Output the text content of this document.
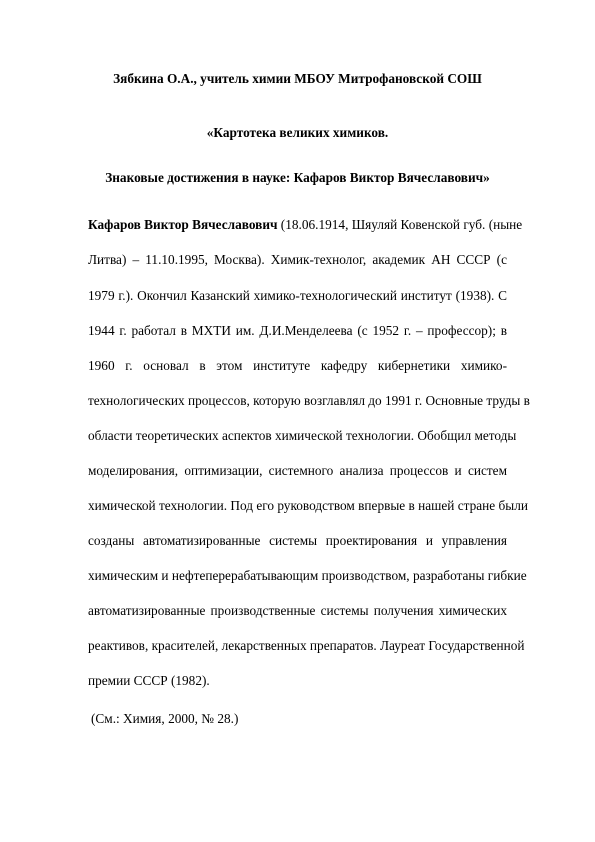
Зябкина О.А., учитель химии МБОУ Митрофановской СОШ
«Картотека великих химиков.
Знаковые достижения в науке: Кафаров Виктор Вячеславович»
Кафаров Виктор Вячеславович (18.06.1914, Шяуляй Ковенской губ. (ныне
Литва) – 11.10.1995, Москва). Химик-технолог, академик АН СССР (с
1979 г.). Окончил Казанский химико-технологический институт (1938). С
1944 г. работал в МХТИ им. Д.И.Менделеева (с 1952 г. – профессор); в
1960 г. основал в этом институте кафедру кибернетики химико-
технологических процессов, которую возглавлял до 1991 г. Основные труды в
области теоретических аспектов химической технологии. Обобщил методы
моделирования, оптимизации, системного анализа процессов и систем
химической технологии. Под его руководством впервые в нашей стране были
созданы автоматизированные системы проектирования и управления
химическим и нефтеперерабатывающим производством, разработаны гибкие
автоматизированные производственные системы получения химических
реактивов, красителей, лекарственных препаратов. Лауреат Государственной
премии СССР (1982).
(См.: Химия, 2000, № 28.)
